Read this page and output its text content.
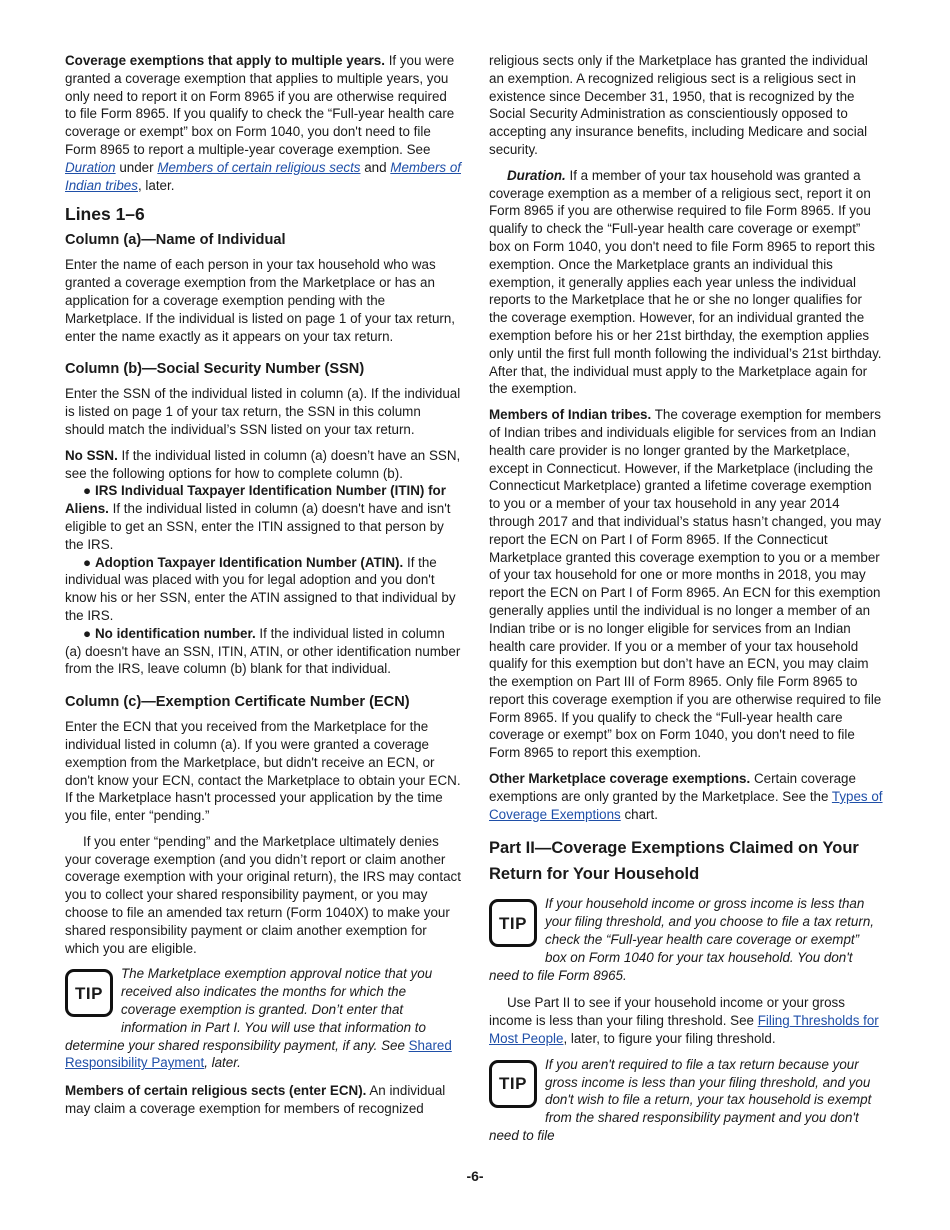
Coverage exemptions that apply to multiple years. If you were granted a coverage exemption that applies to multiple years, you only need to report it on Form 8965 if you are otherwise required to file Form 8965. If you qualify to check the “Full-year health care coverage or exempt” box on Form 1040, you don't need to file Form 8965 to report a multiple-year coverage exemption. See Duration under Members of certain religious sects and Members of Indian tribes, later.

Lines 1–6
Column (a)—Name of Individual

Enter the name of each person in your tax household who was granted a coverage exemption from the Marketplace or has an application for a coverage exemption pending with the Marketplace. If the individual is listed on page 1 of your tax return, enter the name exactly as it appears on your tax return.

Column (b)—Social Security Number (SSN)

Enter the SSN of the individual listed in column (a). If the individual is listed on page 1 of your tax return, the SSN in this column should match the individual’s SSN listed on your tax return.

No SSN. If the individual listed in column (a) doesn’t have an SSN, see the following options for how to complete column (b).

● IRS Individual Taxpayer Identification Number (ITIN) for Aliens. If the individual listed in column (a) doesn't have and isn't eligible to get an SSN, enter the ITIN assigned to that person by the IRS.

● Adoption Taxpayer Identification Number (ATIN). If the individual was placed with you for legal adoption and you don't know his or her SSN, enter the ATIN assigned to that individual by the IRS.

● No identification number. If the individual listed in column (a) doesn't have an SSN, ITIN, ATIN, or other identification number from the IRS, leave column (b) blank for that individual.

Column (c)—Exemption Certificate Number (ECN)

Enter the ECN that you received from the Marketplace for the individual listed in column (a). If you were granted a coverage exemption from the Marketplace, but didn't receive an ECN, or don't know your ECN, contact the Marketplace to obtain your ECN. If the Marketplace hasn't processed your application by the time you file, enter “pending.”

If you enter “pending” and the Marketplace ultimately denies your coverage exemption (and you didn’t report or claim another coverage exemption with your original return), the IRS may contact you to collect your shared responsibility payment, or you may choose to file an amended tax return (Form 1040X) to make your shared responsibility payment or claim another exemption for which you are eligible.

TIP
The Marketplace exemption approval notice that you received also indicates the months for which the coverage exemption is granted. Don’t enter that information in Part I. You will use that information to determine your shared responsibility payment, if any. See Shared Responsibility Payment, later.

Members of certain religious sects (enter ECN). An individual may claim a coverage exemption for members of recognized

religious sects only if the Marketplace has granted the individual an exemption. A recognized religious sect is a religious sect in existence since December 31, 1950, that is recognized by the Social Security Administration as conscientiously opposed to accepting any insurance benefits, including Medicare and social security.

Duration. If a member of your tax household was granted a coverage exemption as a member of a religious sect, report it on Form 8965 if you are otherwise required to file Form 8965. If you qualify to check the “Full-year health care coverage or exempt” box on Form 1040, you don't need to file Form 8965 to report this exemption. Once the Marketplace grants an individual this exemption, it generally applies each year unless the individual reports to the Marketplace that he or she no longer qualifies for the coverage exemption. However, for an individual granted the exemption before his or her 21st birthday, the exemption applies only until the first full month following the individual’s 21st birthday. After that, the individual must apply to the Marketplace again for the exemption.

Members of Indian tribes. The coverage exemption for members of Indian tribes and individuals eligible for services from an Indian health care provider is no longer granted by the Marketplace, except in Connecticut. However, if the Marketplace (including the Connecticut Marketplace) granted a lifetime coverage exemption to you or a member of your tax household in any year 2014 through 2017 and that individual’s status hasn’t changed, you may report the ECN on Part I of Form 8965. If the Connecticut Marketplace granted this coverage exemption to you or a member of your tax household for one or more months in 2018, you may report the ECN on Part I of Form 8965. An ECN for this exemption generally applies until the individual is no longer a member of an Indian tribe or is no longer eligible for services from an Indian health care provider. If you or a member of your tax household qualify for this exemption but don’t have an ECN, you may claim the exemption on Part III of Form 8965. Only file Form 8965 to report this coverage exemption if you are otherwise required to file Form 8965. If you qualify to check the “Full-year health care coverage or exempt” box on Form 1040, you don't need to file Form 8965 to report this exemption.

Other Marketplace coverage exemptions. Certain coverage exemptions are only granted by the Marketplace. See the Types of Coverage Exemptions chart.

Part II—Coverage Exemptions Claimed on Your Return for Your Household
TIP
If your household income or gross income is less than your filing threshold, and you choose to file a tax return, check the “Full-year health care coverage or exempt” box on Form 1040 for your tax household. You don't need to file Form 8965.

Use Part II to see if your household income or your gross income is less than your filing threshold. See Filing Thresholds for Most People, later, to figure your filing threshold.

TIP
If you aren't required to file a tax return because your gross income is less than your filing threshold, and you don't wish to file a return, your tax household is exempt from the shared responsibility payment and you don't need to file
-6-
